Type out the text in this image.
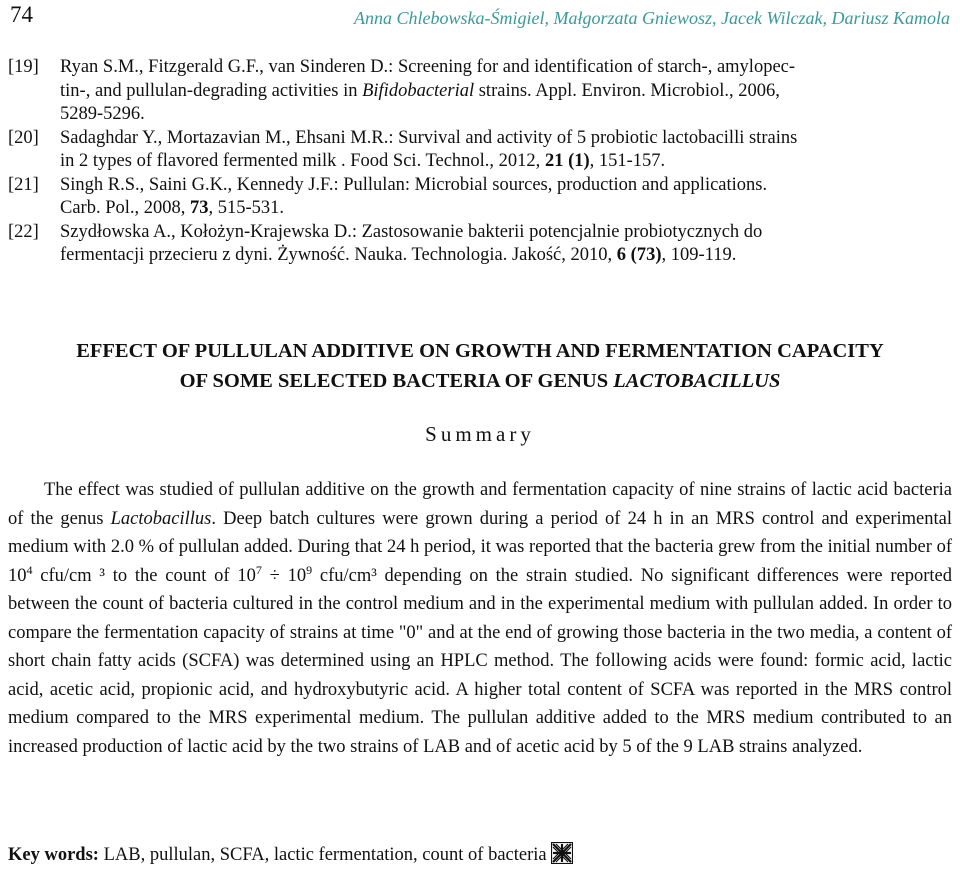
74	Anna Chlebowska-Śmigiel, Małgorzata Gniewosz, Jacek Wilczak, Dariusz Kamola
[19] Ryan S.M., Fitzgerald G.F., van Sinderen D.: Screening for and identification of starch-, amylopec-
tin-, and pullulan-degrading activities in Bifidobacterial strains. Appl. Environ. Microbiol., 2006,
5289-5296.
[20] Sadaghdar Y., Mortazavian M., Ehsani M.R.: Survival and activity of 5 probiotic lactobacilli strains
in 2 types of flavored fermented milk . Food Sci. Technol., 2012, 21 (1), 151-157.
[21] Singh R.S., Saini G.K., Kennedy J.F.: Pullulan: Microbial sources, production and applications.
Carb. Pol., 2008, 73, 515-531.
[22] Szydłowska A., Kołożyn-Krajewska D.: Zastosowanie bakterii potencjalnie probiotycznych do
fermentacji przecieru z dyni. Żywność. Nauka. Technologia. Jakość, 2010, 6 (73), 109-119.
EFFECT OF PULLULAN ADDITIVE ON GROWTH AND FERMENTATION CAPACITY
OF SOME SELECTED BACTERIA OF GENUS LACTOBACILLUS
Summary

The effect was studied of pullulan additive on the growth and fermentation capacity of nine strains of lactic acid bacteria of the genus Lactobacillus. Deep batch cultures were grown during a period of 24 h in an MRS control and experimental medium with 2.0 % of pullulan added. During that 24 h period, it was reported that the bacteria grew from the initial number of $10^4$ cfu/cm ³ to the count of $10^7 \div 10^9$ cfu/cm³ depending on the strain studied. No significant differences were reported between the count of bacteria cultured in the control medium and in the experimental medium with pullulan added. In order to compare the fermentation capacity of strains at time "0" and at the end of growing those bacteria in the two media, a content of short chain fatty acids (SCFA) was determined using an HPLC method. The following acids were found: formic acid, lactic acid, acetic acid, propionic acid, and hydroxybutyric acid. A higher total content of SCFA was reported in the MRS control medium compared to the MRS experimental medium. The pullulan additive added to the MRS medium contributed to an increased production of lactic acid by the two strains of LAB and of acetic acid by 5 of the 9 LAB strains analyzed.

Key words: LAB, pullulan, SCFA, lactic fermentation, count of bacteria
